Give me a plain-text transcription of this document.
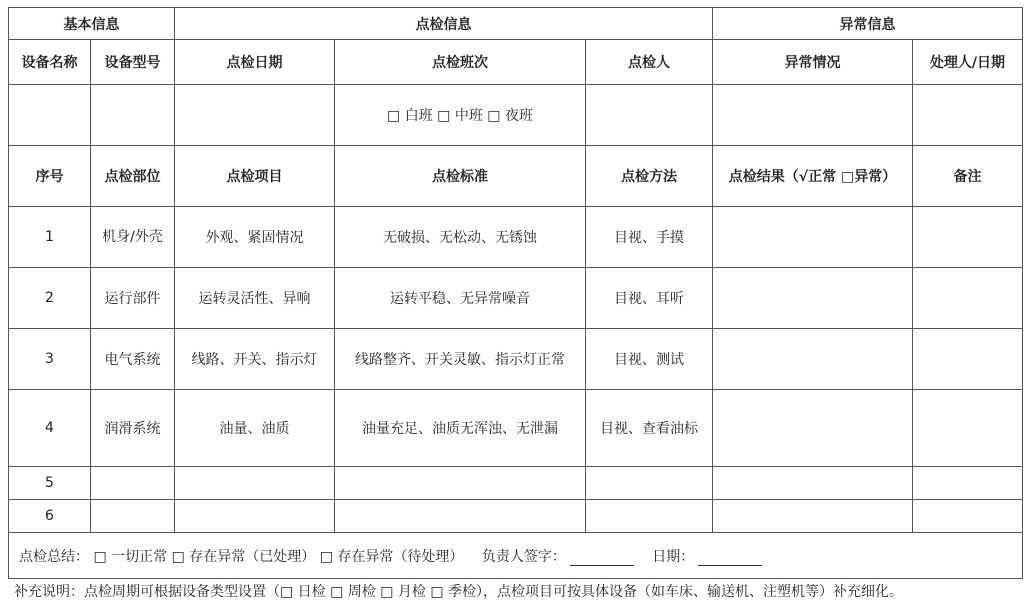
基本信息		点检信息			异常信息	
设备名称	设备型号	点检日期	点检班次	点检人	异常情况	处理人/日期
			□ 白班 □ 中班 □ 夜班			
序号	点检部位	点检项目	点检标准	点检方法	点检结果（√正常 □异常）	备注
1	机身/外壳	外观、紧固情况	无破损、无松动、无锈蚀	目视、手摸		
2	运行部件	运转灵活性、异响	运转平稳、无异常噪音	目视、耳听		
3	电气系统	线路、开关、指示灯	线路整齐、开关灵敏、指示灯正常	目视、测试		
4	润滑系统	油量、油质	油量充足、油质无浑浊、无泄漏	目视、查看油标		
5						
6						
点检总结： □ 一切正常 □ 存在异常（已处理） □ 存在异常（待处理） 负责人签字： 日期：						
补充说明：点检周期可根据设备类型设置（□ 日检 □ 周检 □ 月检 □ 季检），点检项目可按具体设备（如车床、输送机、注塑机等）补充细化。
